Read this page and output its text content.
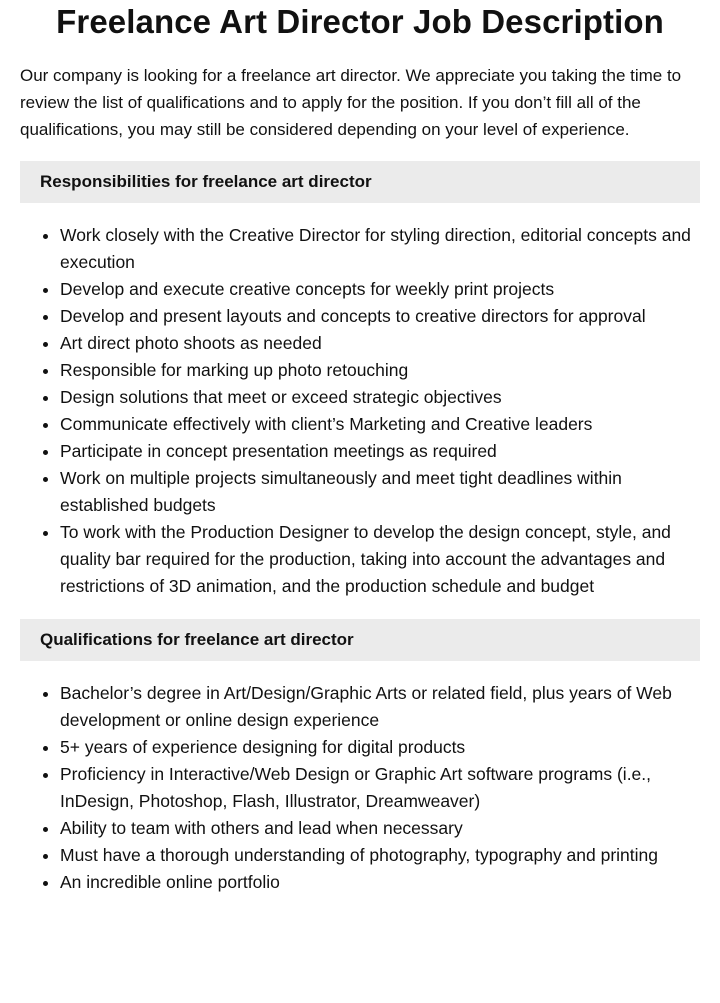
Freelance Art Director Job Description

Our company is looking for a freelance art director. We appreciate you taking the time to review the list of qualifications and to apply for the position. If you don’t fill all of the qualifications, you may still be considered depending on your level of experience.

Responsibilities for freelance art director
• Work closely with the Creative Director for styling direction, editorial concepts and execution
• Develop and execute creative concepts for weekly print projects
• Develop and present layouts and concepts to creative directors for approval
• Art direct photo shoots as needed
• Responsible for marking up photo retouching
• Design solutions that meet or exceed strategic objectives
• Communicate effectively with client’s Marketing and Creative leaders
• Participate in concept presentation meetings as required
• Work on multiple projects simultaneously and meet tight deadlines within established budgets
• To work with the Production Designer to develop the design concept, style, and quality bar required for the production, taking into account the advantages and restrictions of 3D animation, and the production schedule and budget
Qualifications for freelance art director
• Bachelor’s degree in Art/Design/Graphic Arts or related field, plus years of Web development or online design experience
• 5+ years of experience designing for digital products
• Proficiency in Interactive/Web Design or Graphic Art software programs (i.e., InDesign, Photoshop, Flash, Illustrator, Dreamweaver)
• Ability to team with others and lead when necessary
• Must have a thorough understanding of photography, typography and printing
• An incredible online portfolio
